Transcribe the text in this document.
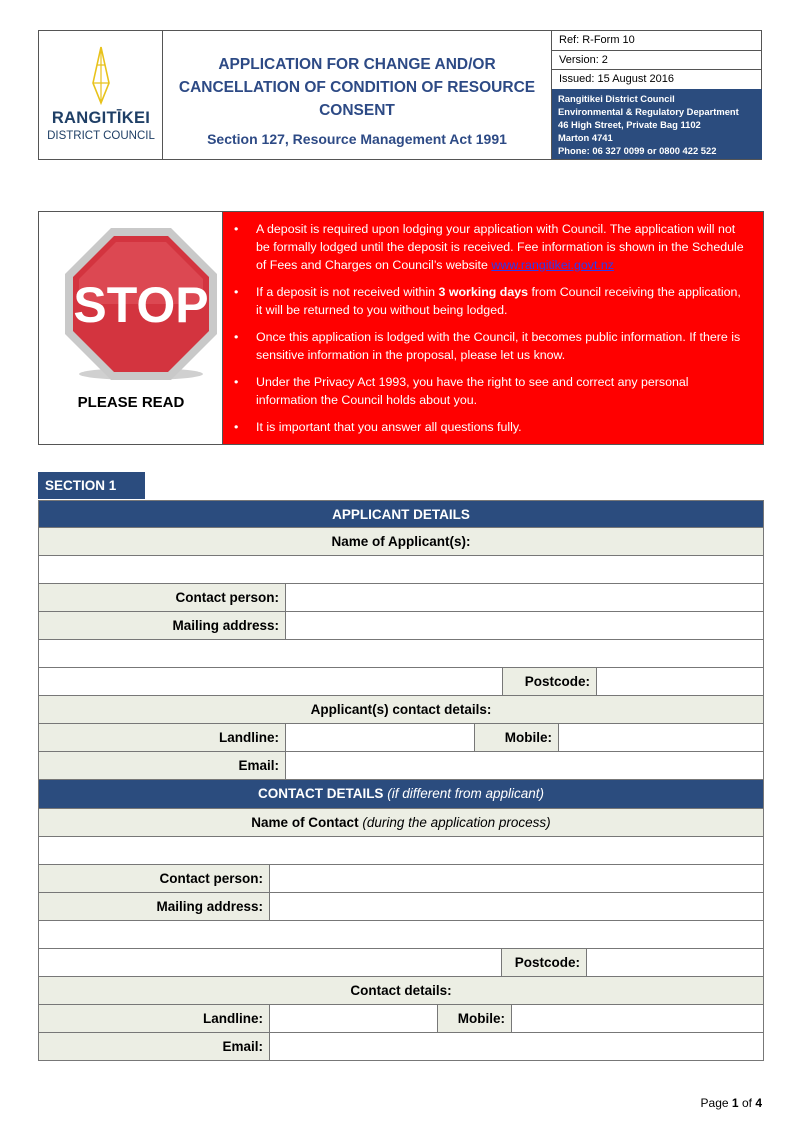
RANGITĪKEI
DISTRICT COUNCIL
APPLICATION FOR CHANGE AND/OR CANCELLATION OF CONDITION OF RESOURCE CONSENT
Section 127, Resource Management Act 1991
Ref: R-Form 10
Version: 2
Issued: 15 August 2016
Rangitikei District Council
Environmental & Regulatory Department
46 High Street, Private Bag 1102
Marton 4741
Phone: 06 327 0099 or 0800 422 522
STOP
PLEASE READ
• A deposit is required upon lodging your application with Council. The application will not be formally lodged until the deposit is received. Fee information is shown in the Schedule of Fees and Charges on Council’s website www.rangitikei.govt.nz
• If a deposit is not received within 3 working days from Council receiving the application, it will be returned to you without being lodged.
• Once this application is lodged with the Council, it becomes public information. If there is sensitive information in the proposal, please let us know.
• Under the Privacy Act 1993, you have the right to see and correct any personal information the Council holds about you.
• It is important that you answer all questions fully.
SECTION 1
APPLICANT DETAILS
Name of Applicant(s):
Contact person:
Mailing address:
Postcode:
Applicant(s) contact details:
Landline:	Mobile:
Email:
CONTACT DETAILS (if different from applicant)
Name of Contact (during the application process)
Contact person:
Mailing address:
Postcode:
Contact details:
Landline:	Mobile:
Email:
Page 1 of 4
